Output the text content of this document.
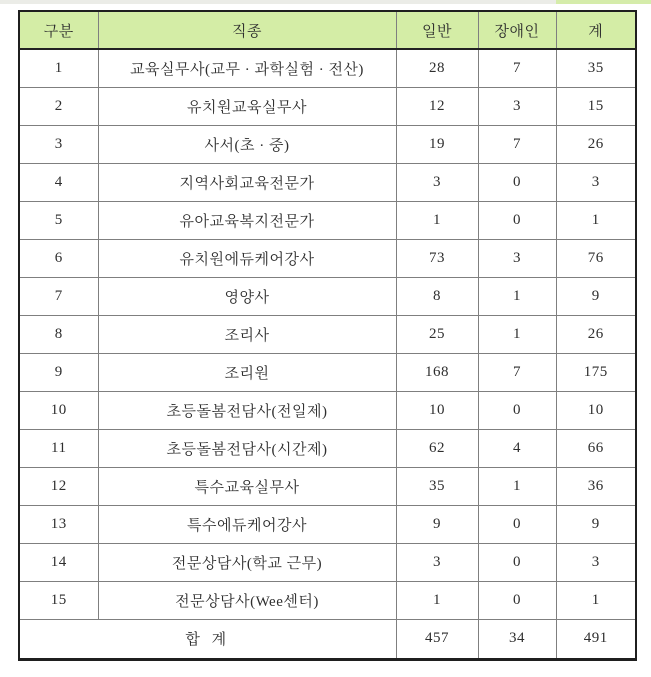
구분	직종	일반	장애인	계
1	교육실무사(교무 · 과학실험 · 전산)	28	7	35
2	유치원교육실무사	12	3	15
3	사서(초 · 중)	19	7	26
4	지역사회교육전문가	3	0	3
5	유아교육복지전문가	1	0	1
6	유치원에듀케어강사	73	3	76
7	영양사	8	1	9
8	조리사	25	1	26
9	조리원	168	7	175
10	초등돌봄전담사(전일제)	10	0	10
11	초등돌봄전담사(시간제)	62	4	66
12	특수교육실무사	35	1	36
13	특수에듀케어강사	9	0	9
14	전문상담사(학교 근무)	3	0	3
15	전문상담사(Wee센터)	1	0	1
합 계		457	34	491
